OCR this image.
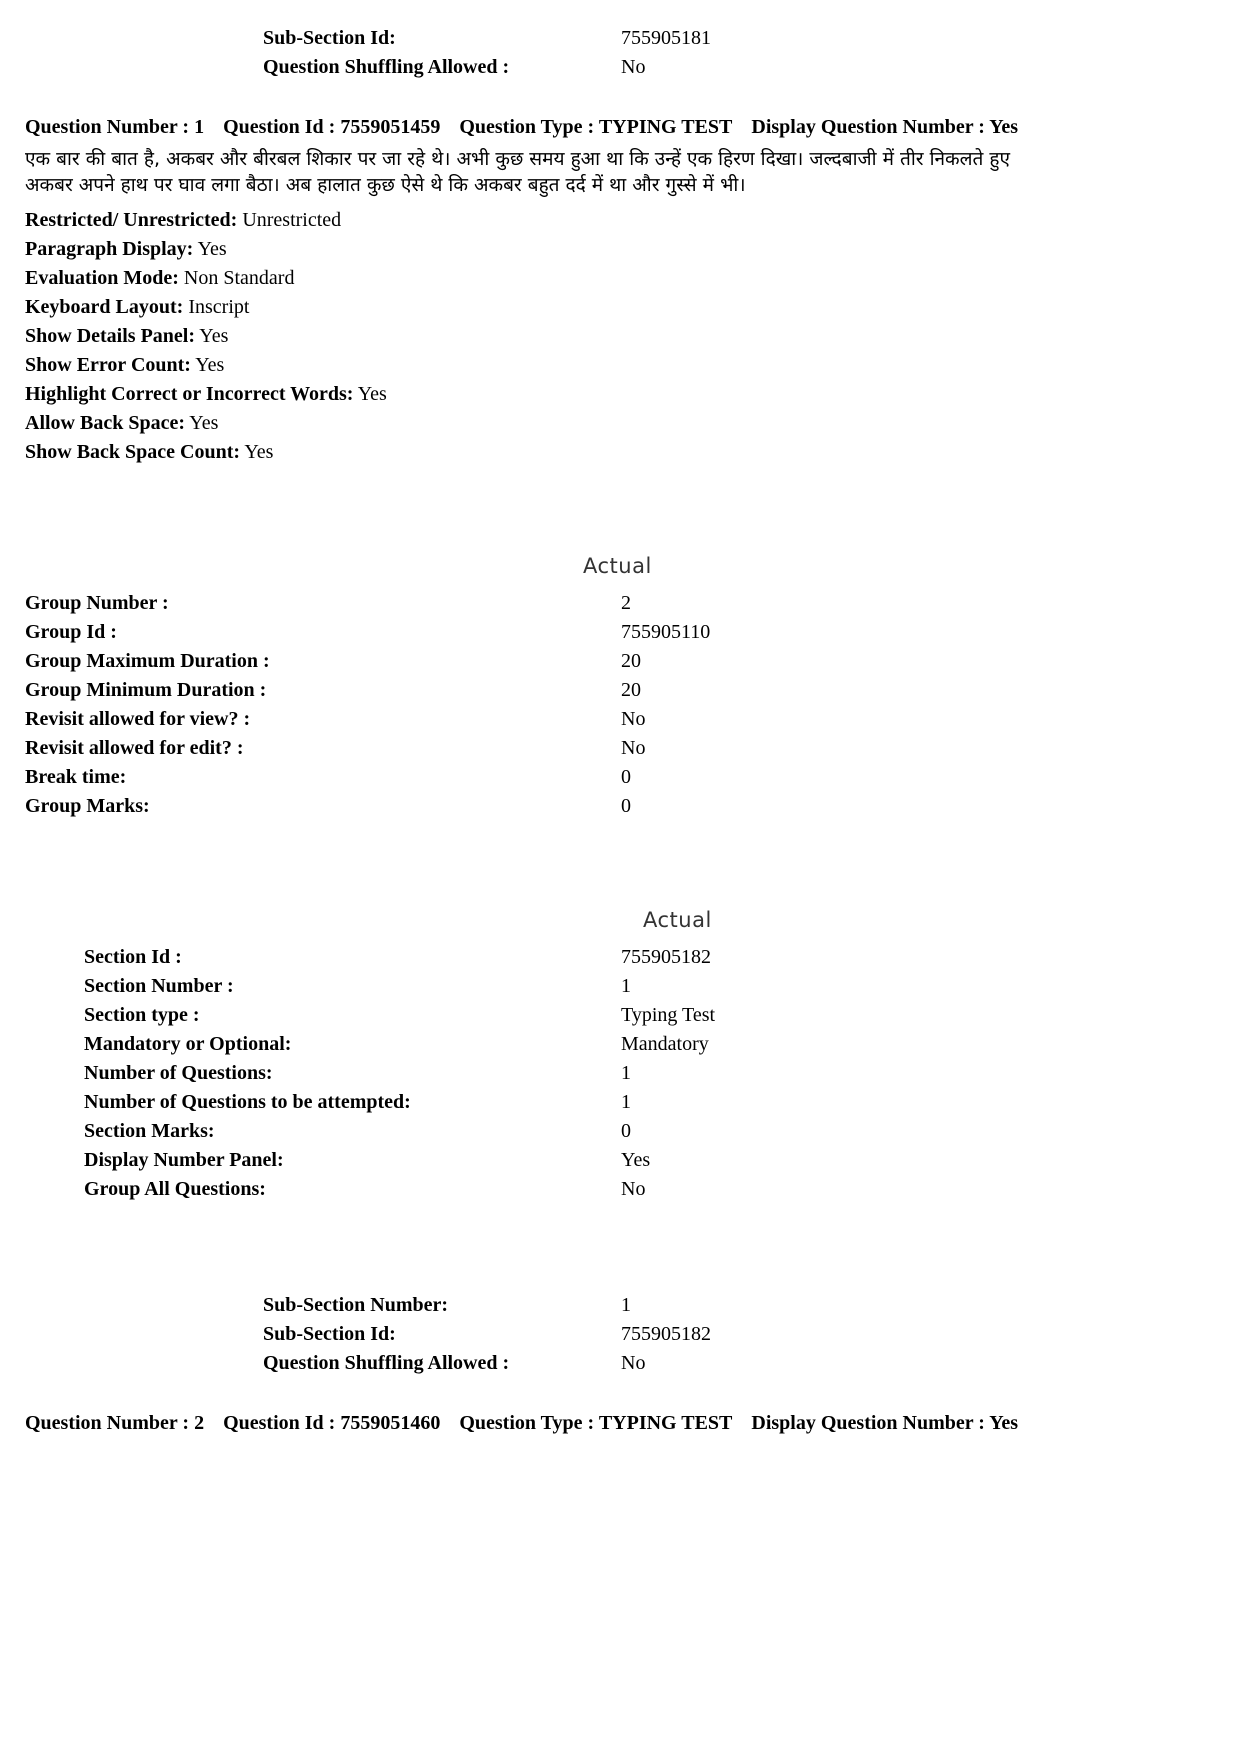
Sub-Section Id:	755905181
Question Shuffling Allowed :	No
Question Number : 1 Question Id : 7559051459 Question Type : TYPING TEST Display Question Number : Yes
एक बार की बात है, अकबर और बीरबल शिकार पर जा रहे थे। अभी कुछ समय हुआ था कि उन्हें एक हिरण दिखा। जल्दबाजी में तीर निकलते हुए
अकबर अपने हाथ पर घाव लगा बैठा। अब हालात कुछ ऐसे थे कि अकबर बहुत दर्द में था और गुस्से में भी।
Restricted/ Unrestricted: Unrestricted
Paragraph Display: Yes
Evaluation Mode: Non Standard
Keyboard Layout: Inscript
Show Details Panel: Yes
Show Error Count: Yes
Highlight Correct or Incorrect Words: Yes
Allow Back Space: Yes
Show Back Space Count: Yes
Actual
Group Number :	2
Group Id :	755905110
Group Maximum Duration :	20
Group Minimum Duration :	20
Revisit allowed for view? :	No
Revisit allowed for edit? :	No
Break time:	0
Group Marks:	0
Actual
Section Id :	755905182
Section Number :	1
Section type :	Typing Test
Mandatory or Optional:	Mandatory
Number of Questions:	1
Number of Questions to be attempted:	1
Section Marks:	0
Display Number Panel:	Yes
Group All Questions:	No
Sub-Section Number:	1
Sub-Section Id:	755905182
Question Shuffling Allowed :	No
Question Number : 2 Question Id : 7559051460 Question Type : TYPING TEST Display Question Number : Yes
